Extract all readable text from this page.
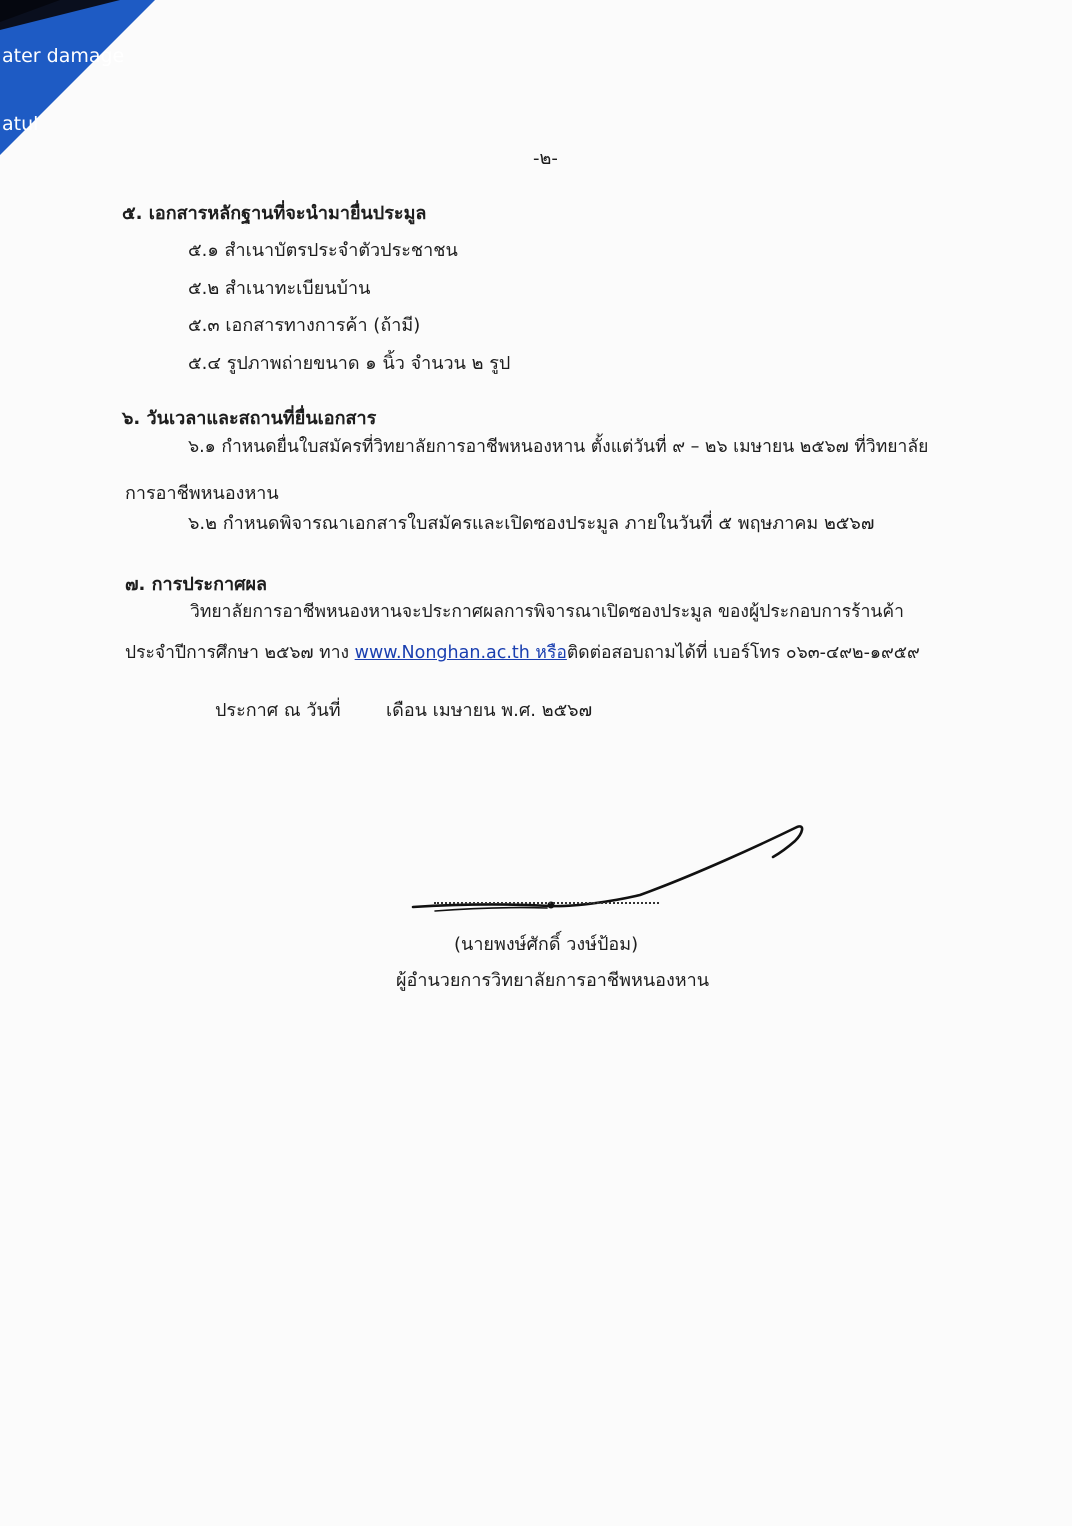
ater damage
atul
-๒-
๕. เอกสารหลักฐานที่จะนำมายื่นประมูล
๕.๑ สำเนาบัตรประจำตัวประชาชน
๕.๒ สำเนาทะเบียนบ้าน
๕.๓ เอกสารทางการค้า (ถ้ามี)
๕.๔ รูปภาพถ่ายขนาด ๑ นิ้ว จำนวน ๒ รูป
๖. วันเวลาและสถานที่ยื่นเอกสาร
๖.๑ กำหนดยื่นใบสมัครที่วิทยาลัยการอาชีพหนองหาน ตั้งแต่วันที่ ๙ – ๒๖ เมษายน ๒๕๖๗ ที่วิทยาลัย
การอาชีพหนองหาน
๖.๒ กำหนดพิจารณาเอกสารใบสมัครและเปิดซองประมูล ภายในวันที่ ๕ พฤษภาคม ๒๕๖๗
๗. การประกาศผล
วิทยาลัยการอาชีพหนองหานจะประกาศผลการพิจารณาเปิดซองประมูล ของผู้ประกอบการร้านค้า
ประจำปีการศึกษา ๒๕๖๗ ทาง www.Nonghan.ac.th หรือติดต่อสอบถามได้ที่ เบอร์โทร ๐๖๓-๔๙๒-๑๙๕๙
ประกาศ ณ วันที่	เดือน เมษายน พ.ศ. ๒๕๖๗
(นายพงษ์ศักดิ์ วงษ์ป้อม)
ผู้อำนวยการวิทยาลัยการอาชีพหนองหาน
